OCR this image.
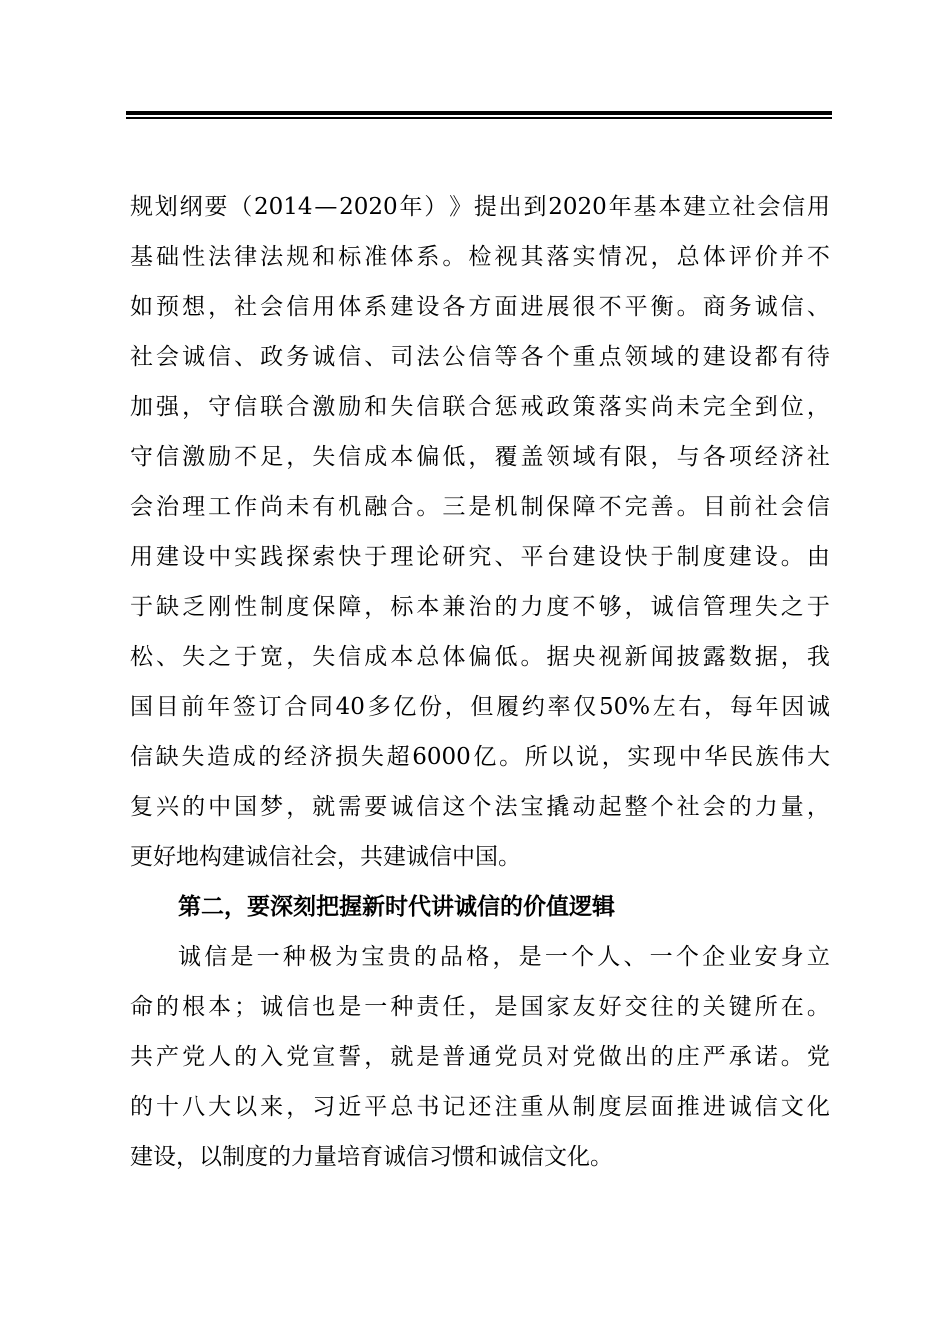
规 划 纲 要 （ 2014 — 2020 年 ） 》 提 出 到 2020 年 基 本 建 立 社 会 信 用
基 础 性 法 律 法 规 和 标 准 体 系 。 检 视 其 落 实 情 况 ， 总 体 评 价 并 不
如 预 想 ， 社 会 信 用 体 系 建 设 各 方 面 进 展 很 不 平 衡 。 商 务 诚 信 、
社 会 诚 信 、 政 务 诚 信 、 司 法 公 信 等 各 个 重 点 领 域 的 建 设 都 有 待
加 强 ， 守 信 联 合 激 励 和 失 信 联 合 惩 戒 政 策 落 实 尚 未 完 全 到 位 ，
守 信 激 励 不 足 ， 失 信 成 本 偏 低 ， 覆 盖 领 域 有 限 ， 与 各 项 经 济 社
会 治 理 工 作 尚 未 有 机 融 合 。 三 是 机 制 保 障 不 完 善 。 目 前 社 会 信
用 建 设 中 实 践 探 索 快 于 理 论 研 究 、 平 台 建 设 快 于 制 度 建 设 。 由
于 缺 乏 刚 性 制 度 保 障 ， 标 本 兼 治 的 力 度 不 够 ， 诚 信 管 理 失 之 于
松 、 失 之 于 宽 ， 失 信 成 本 总 体 偏 低 。 据 央 视 新 闻 披 露 数 据 ， 我
国 目 前 年 签 订 合 同 40 多 亿 份 ， 但 履 约 率 仅 50% 左 右 ， 每 年 因 诚
信 缺 失 造 成 的 经 济 损 失 超 6000 亿 。 所 以 说 ， 实 现 中 华 民 族 伟 大
复 兴 的 中 国 梦 ， 就 需 要 诚 信 这 个 法 宝 撬 动 起 整 个 社 会 的 力 量 ，
更好地构建诚信社会，共建诚信中国。
第二，要深刻把握新时代讲诚信的价值逻辑
诚 信 是 一 种 极 为 宝 贵 的 品 格 ， 是 一 个 人 、 一 个 企 业 安 身 立
命 的 根 本 ； 诚 信 也 是 一 种 责 任 ， 是 国 家 友 好 交 往 的 关 键 所 在 。
共 产 党 人 的 入 党 宣 誓 ， 就 是 普 通 党 员 对 党 做 出 的 庄 严 承 诺 。 党
的 十 八 大 以 来 ， 习 近 平 总 书 记 还 注 重 从 制 度 层 面 推 进 诚 信 文 化
建设，以制度的力量培育诚信习惯和诚信文化。
